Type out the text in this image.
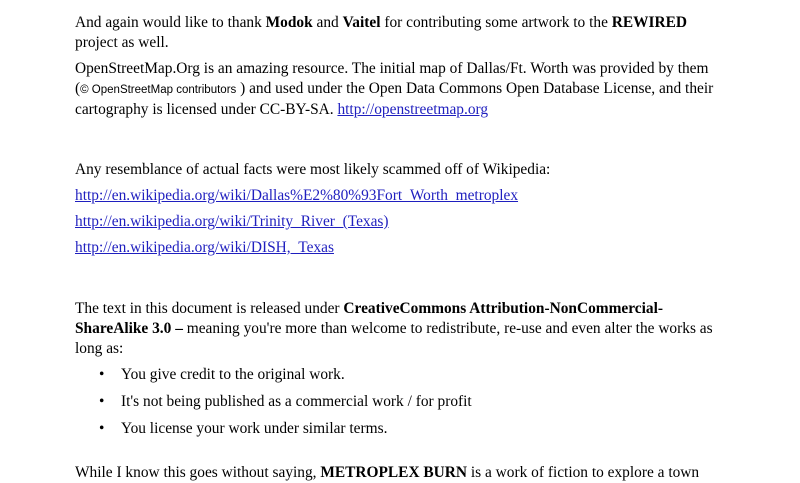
And again would like to thank Modok and Vaitel for contributing some artwork to the REWIRED project as well.

OpenStreetMap.Org is an amazing resource. The initial map of Dallas/Ft. Worth was provided by them (© OpenStreetMap contributors ) and used under the Open Data Commons Open Database License, and their cartography is licensed under CC-BY-SA. http://openstreetmap.org

Any resemblance of actual facts were most likely scammed off of Wikipedia:

http://en.wikipedia.org/wiki/Dallas%E2%80%93Fort_Worth_metroplex

http://en.wikipedia.org/wiki/Trinity_River_(Texas)

http://en.wikipedia.org/wiki/DISH,_Texas

The text in this document is released under CreativeCommons Attribution-NonCommercial-ShareAlike 3.0 – meaning you're more than welcome to redistribute, re-use and even alter the works as long as:

• You give credit to the original work.
• It's not being published as a commercial work / for profit
• You license your work under similar terms.

While I know this goes without saying, METROPLEX BURN is a work of fiction to explore a town
